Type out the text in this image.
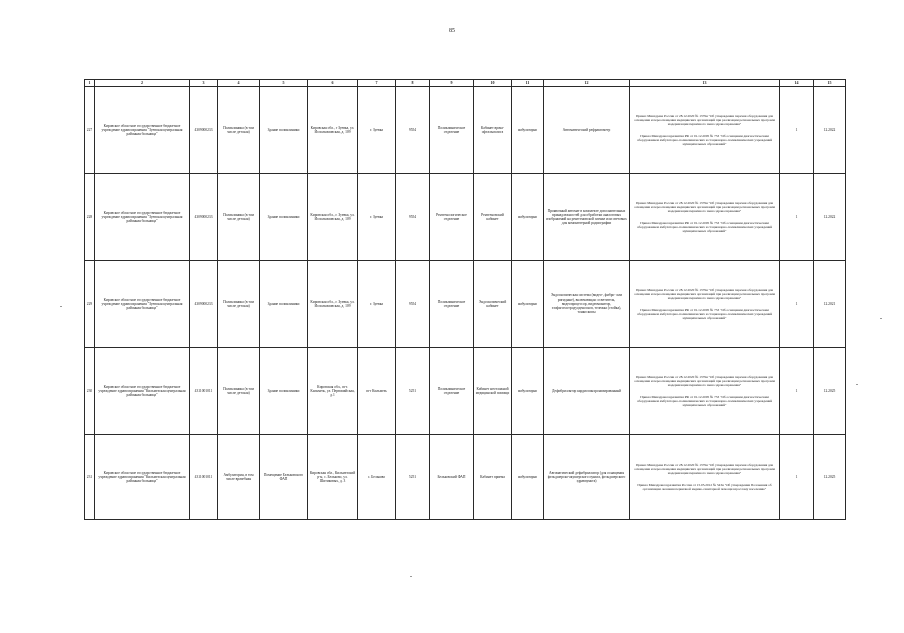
85
1	2	3	4	5	6	7	8	9	10	11	12	13	14	15
227	Кировское областное государственное бюджетное учреждение здравоохранения "Зуевская центральная районная больница"	4309000233	Поликлиника (в том числе детская)	Здание поликлиники	Кировская обл., г Зуевка, ул. Исполкомовская, д. 109	г. Зуевка	9554	Поликлиническое отделение	Кабинет врача-офтальмолога	амбулаторно	Автоматический рефрактометр	Приказ Минздрава России от 28.12.2020 № 1379н "Об утверждении перечня оборудования для оснащения и переоснащения медицинских организаций при реализации региональных программ модернизации первичного звена здравоохранения"
Приказ Минздравсоцразвития РФ от 01.12.2005 № 753 "Об оснащении диагностическим оборудованием амбулаторно-поликлинических и стационарно-поликлинических учреждений муниципальных образований"	1	12.2022
228	Кировское областное государственное бюджетное учреждение здравоохранения "Зуевская центральная районная больница"	4309000233	Поликлиника (в том числе детская)	Здание поликлиники	Кировская обл., г. Зуевка, ул. Исполкомовская, д. 109	г. Зуевка	9554	Рентгенологическое отделение	Рентгеновский кабинет	амбулаторно	Проявочный автомат в комплекте дополнительных принадлежностей для обработки аналоговых изображений на рентгеновской пленке или световых для компьютерной радиографии	Приказ Минздрава России от 28.12.2020 № 1379н "Об утверждении перечня оборудования для оснащения и переоснащения медицинских организаций при реализации региональных программ модернизации первичного звена здравоохранения"
Приказ Минздравсоцразвития РФ от 01.12.2005 № 753 "Об оснащении диагностическим оборудованием амбулаторно-поликлинических и стационарно-поликлинических учреждений муниципальных образований"	1	12.2022
229	Кировское областное государственное бюджетное учреждение здравоохранения "Зуевская центральная районная больница"	4309000233	Поликлиника (в том числе детская)	Здание поликлиники	Кировская обл., г. Зуевка, ул. Исполкомовская, д. 109	г. Зуевка	9554	Поликлиническое отделение	Эндоскопический кабинет	амбулаторно	Эндоскопическая система (видео-, фибро- или ригидные), включающая: осветитель, видеопроцессор, видеомонитор, эзофагогастродуоденоскоп, тележка (стойка), тонкоскопы	Приказ Минздрава России от 28.12.2020 № 1379н "Об утверждении перечня оборудования для оснащения и переоснащения медицинских организаций при реализации региональных программ модернизации первичного звена здравоохранения"
Приказ Минздравсоцразвития РФ от 01.12.2005 № 753 "Об оснащении диагностическим оборудованием амбулаторно-поликлинических и стационарно-поликлинических учреждений муниципальных образований"	1	12.2021
230	Кировское областное государственное бюджетное учреждение здравоохранения "Кильмезская центральная районная больница"	4311001011	Поликлиника (в том числе детская)	Здание поликлиники	Кировская обл., пгт. Кильмезь, ул. Первомайская, д.1	пгт Кильмезь	5251	Поликлиническое отделение	Кабинет неотложной медицинской помощи	амбулаторно	Дефибриллятор кардиосинхронизированный	Приказ Минздрава России от 28.12.2020 № 1379н "Об утверждении перечня оборудования для оснащения и переоснащения медицинских организаций при реализации региональных программ модернизации первичного звена здравоохранения"
Приказ Минздравсоцразвития РФ от 01.12.2005 № 753 "Об оснащении диагностическим оборудованием амбулаторно-поликлинических и стационарно-поликлинических учреждений муниципальных образований"	1	12.2025
231	Кировское областное государственное бюджетное учреждение здравоохранения "Кильмезская центральная районная больница"	4311001011	Амбулатория, в том числе врачебная	Помещение Бельковского ФАП	Кировская обл., Кильмезский р-н, с. Бельково, ул. Шитиковых, д. 3	с. Бельково	5251	Бельковский ФАП	Кабинет приема	амбулаторно	Автоматический дефибриллятор (для оснащения фельдшерско-акушерского пункта, фельдшерского здравпункта)	Приказ Минздрава России от 28.12.2020 № 1379н "Об утверждении перечня оборудования для оснащения и переоснащения медицинских организаций при реализации региональных программ модернизации первичного звена здравоохранения"
Приказ Минздравсоцразвития России от 15.05.2012 № 543н "Об утверждении Положения об организации оказания первичной медико-санитарной помощи взрослому населению"	1	12.2025
